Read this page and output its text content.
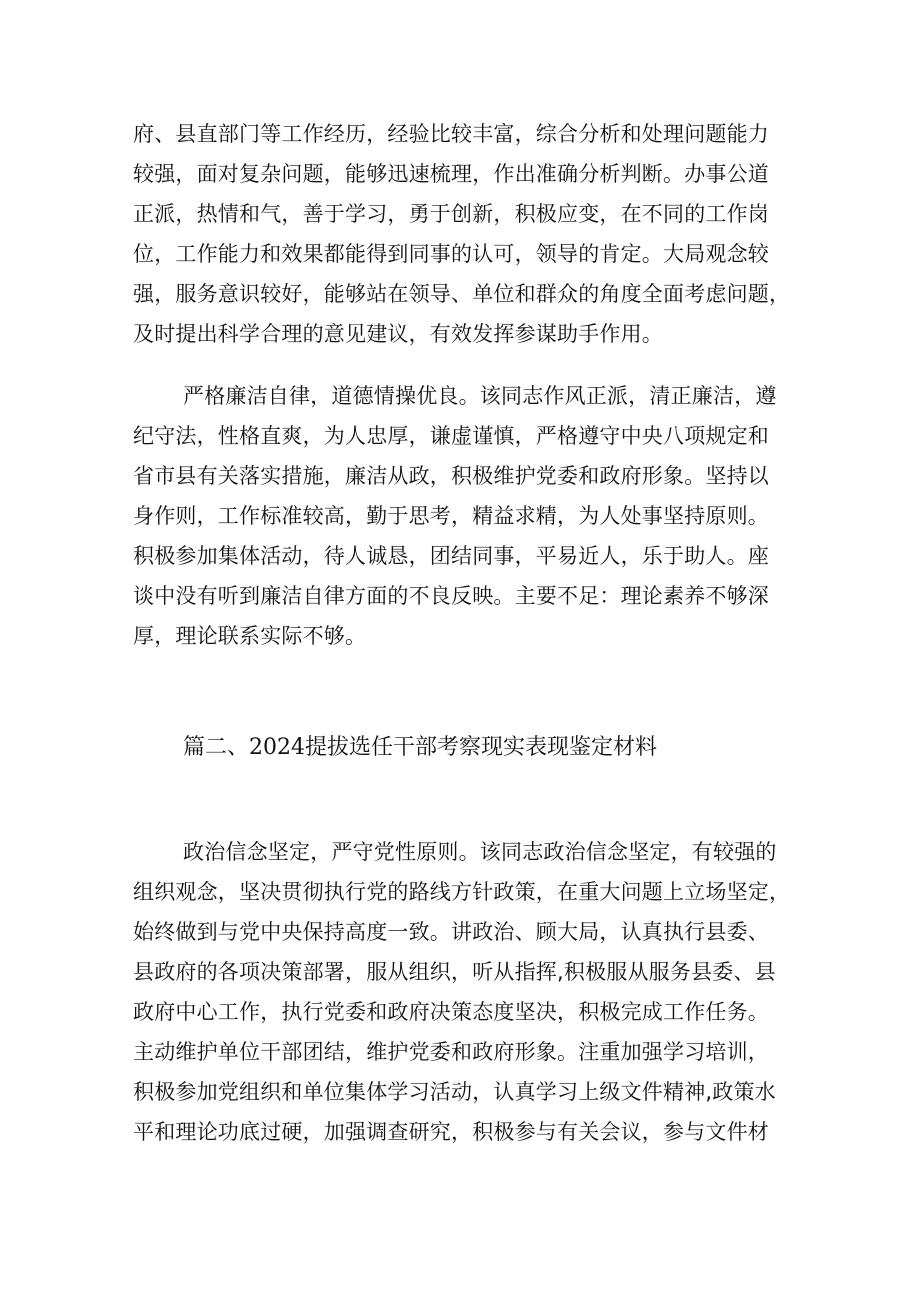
府、县直部门等工作经历，经验比较丰富，综合分析和处理问题能力
较强，面对复杂问题，能够迅速梳理，作出准确分析判断。办事公道
正派，热情和气，善于学习，勇于创新，积极应变，在不同的工作岗
位，工作能力和效果都能得到同事的认可，领导的肯定。大局观念较
强，服务意识较好，能够站在领导、单位和群众的角度全面考虑问题，
及时提出科学合理的意见建议，有效发挥参谋助手作用。
严格廉洁自律，道德情操优良。该同志作风正派，清正廉洁，遵
纪守法，性格直爽，为人忠厚，谦虚谨慎，严格遵守中央八项规定和
省市县有关落实措施，廉洁从政，积极维护党委和政府形象。坚持以
身作则，工作标准较高，勤于思考，精益求精，为人处事坚持原则。
积极参加集体活动，待人诚恳，团结同事，平易近人，乐于助人。座
谈中没有听到廉洁自律方面的不良反映。主要不足：理论素养不够深
厚，理论联系实际不够。
篇二、2024提拔选任干部考察现实表现鉴定材料
政治信念坚定，严守党性原则。该同志政治信念坚定，有较强的
组织观念，坚决贯彻执行党的路线方针政策，在重大问题上立场坚定，
始终做到与党中央保持高度一致。讲政治、顾大局，认真执行县委、
县政府的各项决策部署，服从组织，听从指挥,积极服从服务县委、县
政府中心工作，执行党委和政府决策态度坚决，积极完成工作任务。
主动维护单位干部团结，维护党委和政府形象。注重加强学习培训，
积极参加党组织和单位集体学习活动，认真学习上级文件精神,政策水
平和理论功底过硬，加强调查研究，积极参与有关会议，参与文件材
